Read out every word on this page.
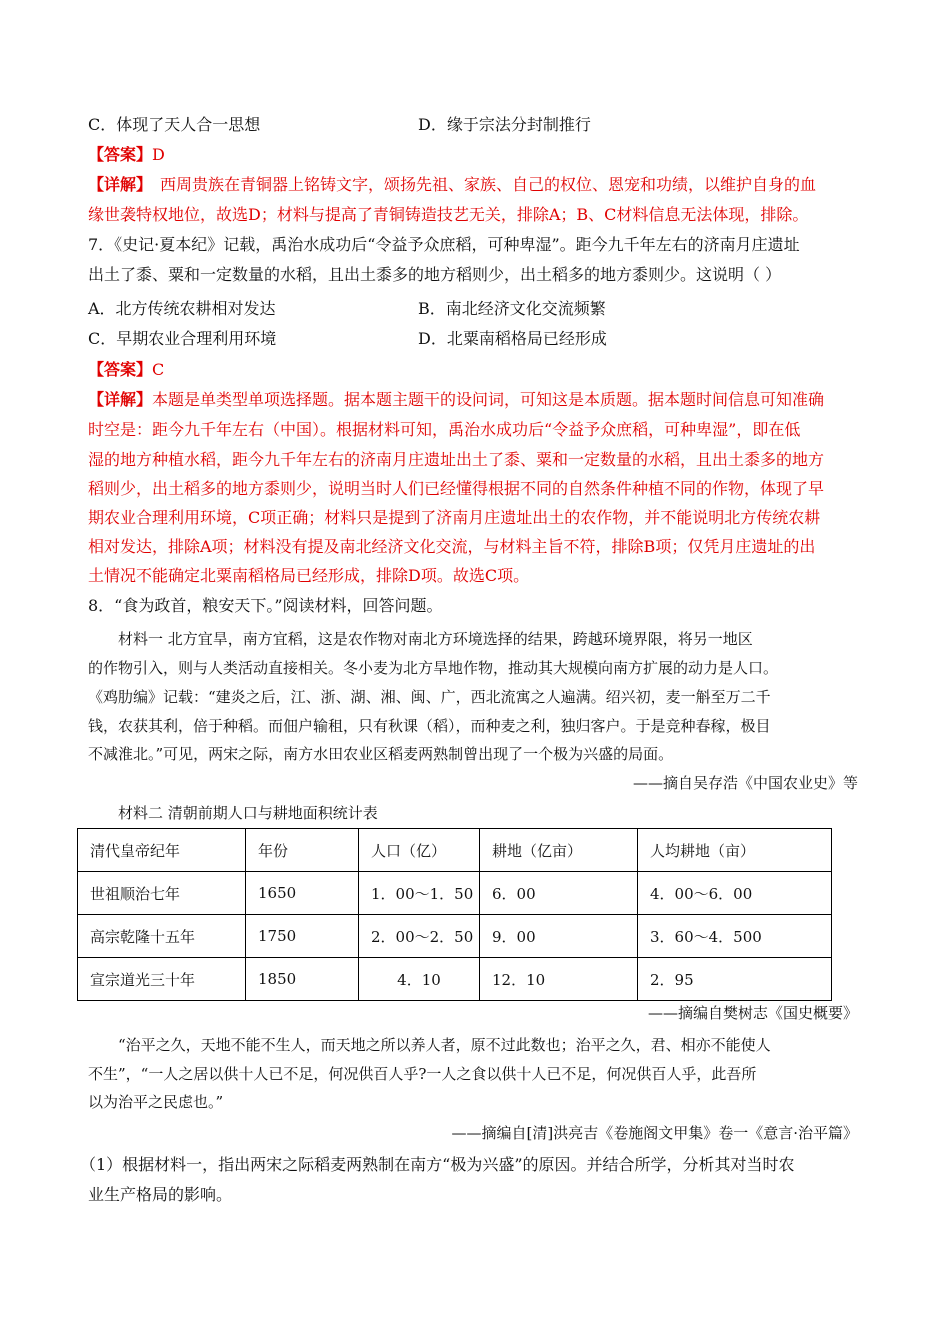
C．体现了天人合一思想	D．缘于宗法分封制推行
【答案】D
【详解】 西周贵族在青铜器上铭铸文字，颂扬先祖、家族、自己的权位、恩宠和功绩，以维护自身的血
缘世袭特权地位，故选D；材料与提高了青铜铸造技艺无关，排除A；B、C材料信息无法体现，排除。
7．《史记·夏本纪》记载，禹治水成功后“令益予众庶稻，可种卑湿”。距今九千年左右的济南月庄遗址
出土了黍、粟和一定数量的水稻，且出土黍多的地方稻则少，出土稻多的地方黍则少。这说明（ ）
A．北方传统农耕相对发达	B．南北经济文化交流频繁
C．早期农业合理利用环境	D．北粟南稻格局已经形成
【答案】C
【详解】本题是单类型单项选择题。据本题主题干的设问词，可知这是本质题。据本题时间信息可知准确
时空是：距今九千年左右（中国）。根据材料可知，禹治水成功后“令益予众庶稻，可种卑湿”，即在低
湿的地方种植水稻，距今九千年左右的济南月庄遗址出土了黍、粟和一定数量的水稻，且出土黍多的地方
稻则少，出土稻多的地方黍则少，说明当时人们已经懂得根据不同的自然条件种植不同的作物，体现了早
期农业合理利用环境，C项正确；材料只是提到了济南月庄遗址出土的农作物，并不能说明北方传统农耕
相对发达，排除A项；材料没有提及南北经济文化交流，与材料主旨不符，排除B项；仅凭月庄遗址的出
土情况不能确定北粟南稻格局已经形成，排除D项。故选C项。
8．“食为政首，粮安天下。”阅读材料，回答问题。
材料一 北方宜旱，南方宜稻，这是农作物对南北方环境选择的结果，跨越环境界限，将另一地区
的作物引入，则与人类活动直接相关。冬小麦为北方旱地作物，推动其大规模向南方扩展的动力是人口。
《鸡肋编》记载：“建炎之后，江、浙、湖、湘、闽、广，西北流寓之人遍满。绍兴初，麦一斛至万二千
钱，农获其利，倍于种稻。而佃户输租，只有秋课（稻），而种麦之利，独归客户。于是竞种春稼，极目
不减淮北。”可见，两宋之际，南方水田农业区稻麦两熟制曾出现了一个极为兴盛的局面。
——摘自吴存浩《中国农业史》等
材料二 清朝前期人口与耕地面积统计表
清代皇帝纪年	年份	人口（亿）	耕地（亿亩）	人均耕地（亩）
世祖顺治七年	1650	1．00～1．50	6．00	4．00～6．00
高宗乾隆十五年	1750	2．00～2．50	9．00	3．60～4．500
宣宗道光三十年	1850	4．10	12．10	2．95
——摘编自樊树志《国史概要》
“治平之久，天地不能不生人，而天地之所以养人者，原不过此数也；治平之久，君、相亦不能使人
不生”，“一人之居以供十人已不足，何况供百人乎?一人之食以供十人已不足，何况供百人乎，此吾所
以为治平之民虑也。”
——摘编自[清]洪亮吉《卷施阁文甲集》卷一《意言·治平篇》
（1）根据材料一，指出两宋之际稻麦两熟制在南方“极为兴盛”的原因。并结合所学，分析其对当时农
业生产格局的影响。
